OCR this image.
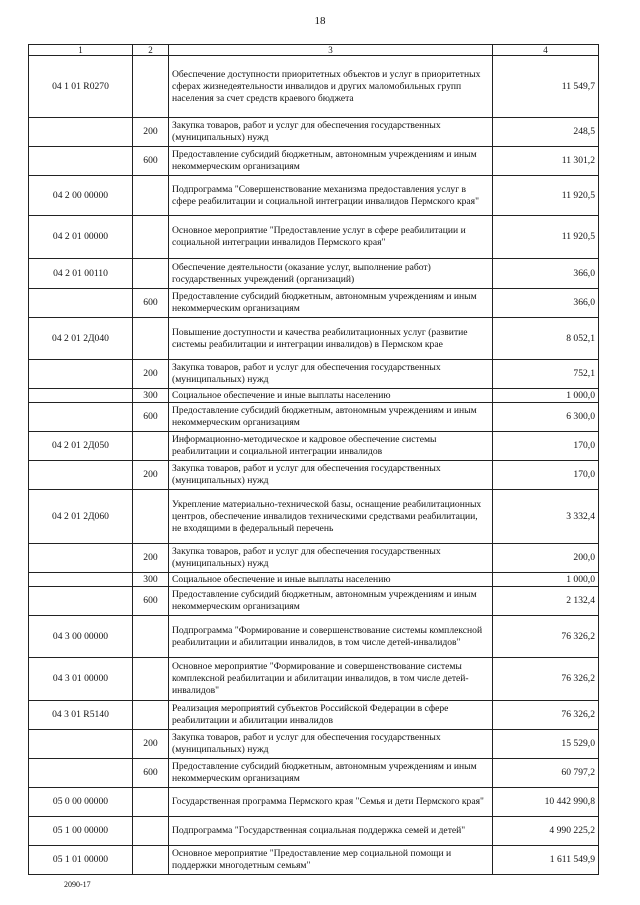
18
1	2	3	4
04 1 01 R0270		Обеспечение доступности приоритетных объектов и услуг в приоритетных сферах жизнедеятельности инвалидов и других маломобильных групп населения за счет средств краевого бюджета	11 549,7
	200	Закупка товаров, работ и услуг для обеспечения государственных (муниципальных) нужд	248,5
	600	Предоставление субсидий бюджетным, автономным учреждениям и иным некоммерческим организациям	11 301,2
04 2 00 00000		Подпрограмма "Совершенствование механизма предоставления услуг в сфере реабилитации и социальной интеграции инвалидов Пермского края"	11 920,5
04 2 01 00000		Основное мероприятие "Предоставление услуг в сфере реабилитации и социальной интеграции инвалидов Пермского края"	11 920,5
04 2 01 00110		Обеспечение деятельности (оказание услуг, выполнение работ) государственных учреждений (организаций)	366,0
	600	Предоставление субсидий бюджетным, автономным учреждениям и иным некоммерческим организациям	366,0
04 2 01 2Д040		Повышение доступности и качества реабилитационных услуг (развитие системы реабилитации и интеграции инвалидов) в Пермском крае	8 052,1
	200	Закупка товаров, работ и услуг для обеспечения государственных (муниципальных) нужд	752,1
	300	Социальное обеспечение и иные выплаты населению	1 000,0
	600	Предоставление субсидий бюджетным, автономным учреждениям и иным некоммерческим организациям	6 300,0
04 2 01 2Д050		Информационно-методическое и кадровое обеспечение системы реабилитации и социальной интеграции инвалидов	170,0
	200	Закупка товаров, работ и услуг для обеспечения государственных (муниципальных) нужд	170,0
04 2 01 2Д060		Укрепление материально-технической базы, оснащение реабилитационных центров, обеспечение инвалидов техническими средствами реабилитации, не входящими в федеральный перечень	3 332,4
	200	Закупка товаров, работ и услуг для обеспечения государственных (муниципальных) нужд	200,0
	300	Социальное обеспечение и иные выплаты населению	1 000,0
	600	Предоставление субсидий бюджетным, автономным учреждениям и иным некоммерческим организациям	2 132,4
04 3 00 00000		Подпрограмма "Формирование и совершенствование системы комплексной реабилитации и абилитации инвалидов, в том числе детей-инвалидов"	76 326,2
04 3 01 00000		Основное мероприятие "Формирование и совершенствование системы комплексной реабилитации и абилитации инвалидов, в том числе детей-инвалидов"	76 326,2
04 3 01 R5140		Реализация мероприятий субъектов Российской Федерации в сфере реабилитации и абилитации инвалидов	76 326,2
	200	Закупка товаров, работ и услуг для обеспечения государственных (муниципальных) нужд	15 529,0
	600	Предоставление субсидий бюджетным, автономным учреждениям и иным некоммерческим организациям	60 797,2
05 0 00 00000		Государственная программа Пермского края "Семья и дети Пермского края"	10 442 990,8
05 1 00 00000		Подпрограмма "Государственная социальная поддержка семей и детей"	4 990 225,2
05 1 01 00000		Основное мероприятие "Предоставление мер социальной помощи и поддержки многодетным семьям"	1 611 549,9
2090-17
